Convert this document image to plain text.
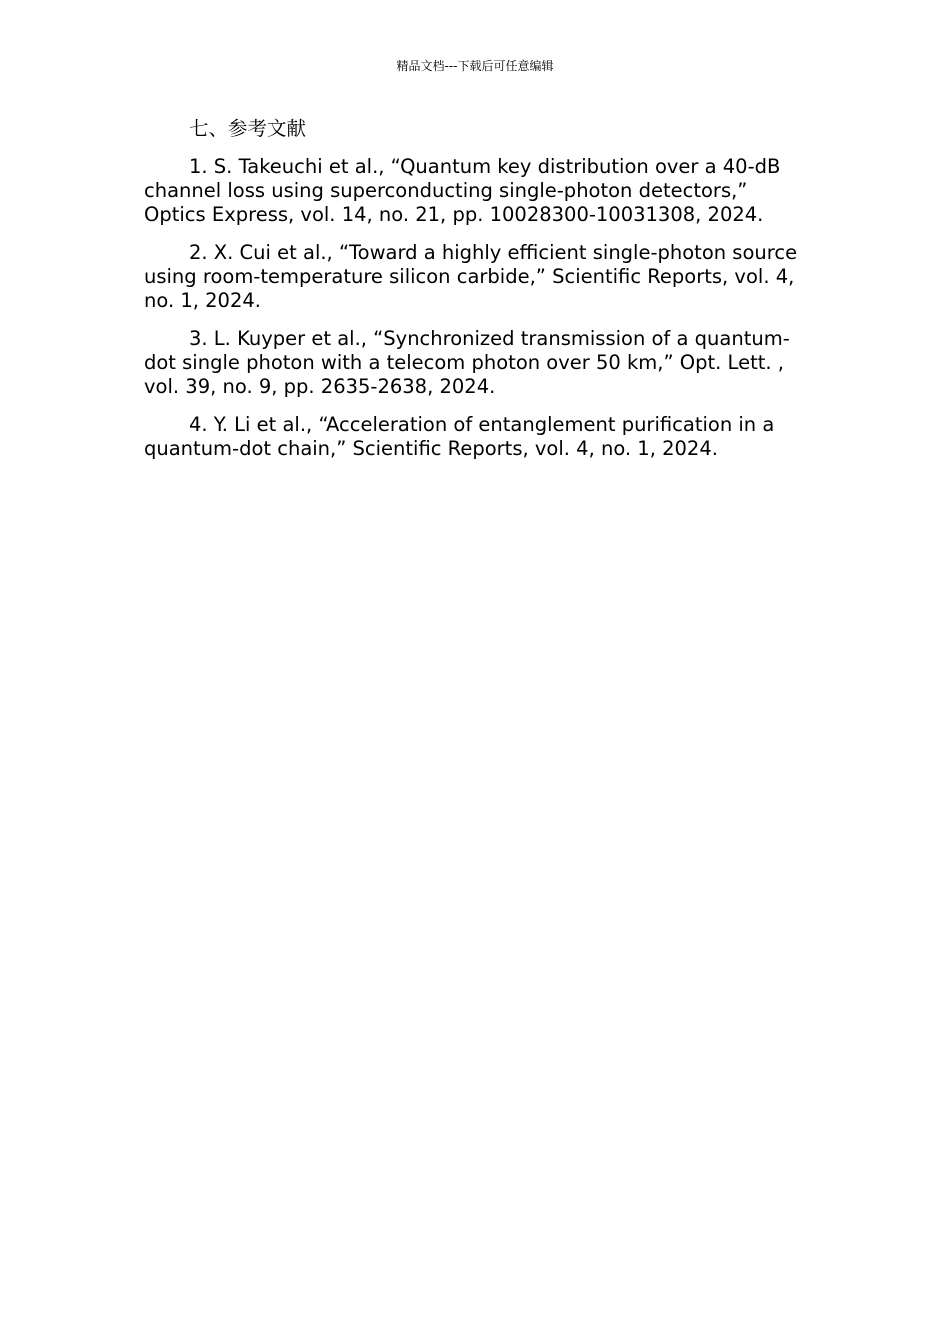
精品文档---下载后可任意编辑
七、参考文献

1. S. Takeuchi et al., “Quantum key distribution over a 40-dB channel loss using superconducting single-photon detectors,” Optics Express, vol. 14, no. 21, pp. 10028300-10031308, 2024.

2. X. Cui et al., “Toward a highly efficient single-photon source using room-temperature silicon carbide,” Scientific Reports, vol. 4, no. 1, 2024.

3. L. Kuyper et al., “Synchronized transmission of a quantum-dot single photon with a telecom photon over 50 km,” Opt. Lett. , vol. 39, no. 9, pp. 2635-2638, 2024.

4. Y. Li et al., “Acceleration of entanglement purification in a quantum-dot chain,” Scientific Reports, vol. 4, no. 1, 2024.
